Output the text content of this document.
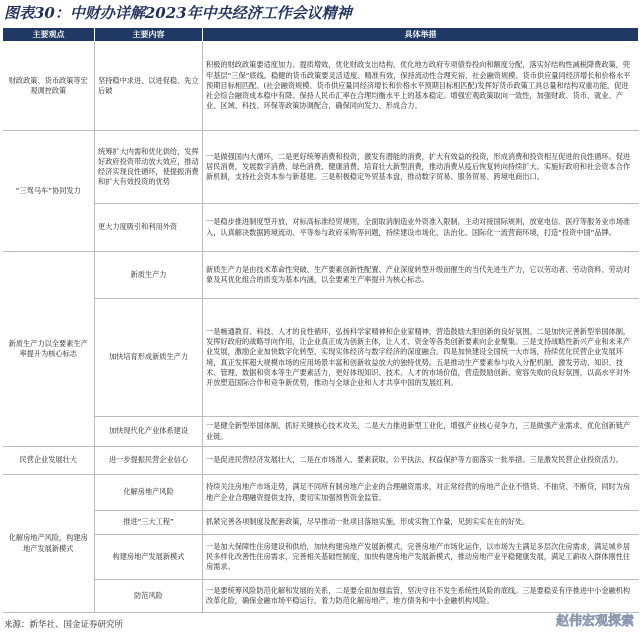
图表30：中财办详解2023年中央经济工作会议精神
主要观点	主要内容	具体举措
财政政策、货币政策等宏观调控政策	坚持稳中求进、以进促稳、先立后破	积极的财政政策要适度加力、提质增效，优化财政支出结构，优化地方政府专项债券投向和额度分配，落实好结构性减税降费政策，兜牢基层“三保”底线。稳健的货币政策要灵活适度、精准有效，保持流动性合理充裕，社会融资规模、货币供应量同经济增长和价格水平预期目标相匹配。(社会融资规模、货币供应量同经济增长和价格水平预期目标相匹配)发挥好货币政策工具总量和结构双重功能，促进社会综合融资成本稳中有降。保持人民币汇率在合理均衡水平上的基本稳定。增强宏观政策取向一致性，加强财政、货币、就业、产业、区域、科技、环保等政策协调配合，确保同向发力、形成合力。
“三驾马车”协同发力	统筹扩大内需和优化供给，发挥好政府投资带动放大效应，推动经济实现良性循环，使提振消费和扩大有效投资的优势	一是做强国内大循环，二是更好统筹消费和投资，激发有潜能的消费，扩大有效益的投资，形成消费和投资相互促进的良性循环。促进居民消费，发展数字消费、绿色消费、健康消费，培育壮大新型消费，推动消费从疫后恢复转向持续扩大。实施好政府和社会资本合作新机制，支持社会资本参与新基建。三是积极稳定外贸基本盘，推动数字贸易、服务贸易、跨境电商出口。
	更大力度吸引和利用外资	一是稳步推进制度型开放，对标高标准经贸规则，全面取消制造业外资准入限制，主动对接国际规则，放宽电信、医疗等服务业市场准入，认真解决数据跨境流动、平等参与政府采购等问题，持续建设市场化、法治化、国际化一流营商环境，打造“投资中国”品牌。
新质生产力以全要素生产率提升为核心标志	新质生产力	新质生产力是由技术革命性突破、生产要素创新性配置、产业深度转型升级而催生的当代先进生产力，它以劳动者、劳动资料、劳动对象及其优化组合的质变为基本内涵，以全要素生产率提升为核心标志。
	加快培育形成新质生产力	一是畅通教育、科技、人才的良性循环，弘扬科学家精神和企业家精神，营造鼓励大胆创新的良好氛围。二是加快完善新型举国体制，发挥好政府的战略导向作用，让企业真正成为创新主体，让人才、资金等各类创新要素向企业聚集。三是支持战略性新兴产业和未来产业发展，激励企业加快数字化转型，实现实体经济与数字经济的深度融合。四是加快建设全国统一大市场，持续优化民营企业发展环境，真正发挥超大规模市场的应用场景丰富和创新收益放大的独特优势。五是推动生产要素参与收入分配机制，激发劳动、知识、技术、管理、数据和资本等生产要素活力，更好体现知识、技术、人才的市场价值，营造鼓励创新、宽容失败的良好氛围，以高水平对外开放塑造国际合作和竞争新优势，推动与全球企业和人才共享中国的发展红利。
	加快现代化产业体系建设	一是健全新型举国体制，抓好关键核心技术攻关，二是大力推进新型工业化，增强产业核心竞争力，三是做强产业需求，优化创新链产业链。
民营企业发展壮大	进一步提振民营企业信心	一是促进民营经济发展壮大，二是在市场准入、要素获取、公平执法、权益保护等方面落实一批举措。三是激发民营企业投资活力。
化解房地产风险，构建房地产发展新模式	化解房地产风险	持续关注房地产市场走势，满足不同所有制房地产企业的合理融资需求，对正常经营的房地产企业不惜贷、不抽贷、不断贷，同时为房地产企业合理融资提供支持，要切实加强预售资金监管。
	推进“三大工程”	抓紧完善各项制度及配套政策，尽早推动一批项目落地实施，形成实物工作量，见到实实在在的好处。
	构建房地产发展新模式	一是加大保障性住房建设和供给，加快构建房地产发展新模式，完善房地产市场化运作，以市场为主满足多层次住房需求，满足城乡居民多样化改善性住房需求，完善相关基础性制度，加快构建房地产发展新模式，推动房地产业平稳健康发展，满足工薪收入群体刚性住房需求。
	防范风险	一是要统筹风险防范化解和发展的关系，二是要全面加强监管，坚决守住不发生系统性风险的底线。三是要稳妥有序推进中小金融机构改革化险，确保金融市场平稳运行，着力防范化解房地产、地方债务和中小金融机构风险。
来源：新华社、国金证券研究所	赵伟宏观探索
